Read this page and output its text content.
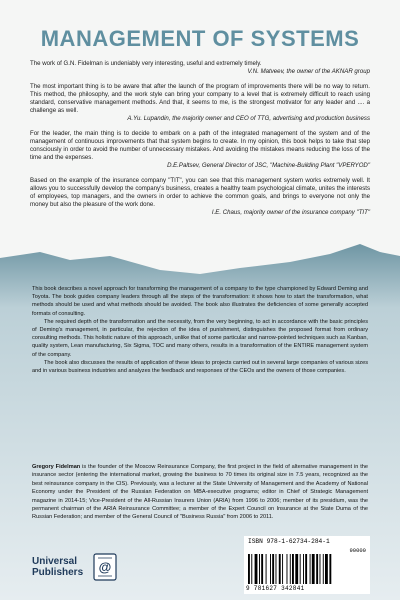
MANAGEMENT OF SYSTEMS

The work of G.N. Fidelman is undeniably very interesting, useful and extremely timely.

V.N. Matveev, the owner of the AKNAR group

The most important thing is to be aware that after the launch of the program of improvements there will be no way to return. This method, the philosophy, and the work style can bring your company to a level that is extremely difficult to reach using standard, conservative management methods. And that, it seems to me, is the strongest motivator for any leader and .... a challenge as well.

A.Yu. Lupandin, the majority owner and CEO of TTG, advertising and production business

For the leader, the main thing is to decide to embark on a path of the integrated management of the system and of the management of continuous improvements that that system begins to create. In my opinion, this book helps to take that step consciously in order to avoid the number of unnecessary mistakes. And avoiding the mistakes means reducing the loss of the time and the expenses.

D.E.Paltsev, General Director of JSC, "Machine-Building Plant "VPERYOD"

Based on the example of the insurance company "TIT", you can see that this management system works extremely well. It allows you to successfully develop the company's business, creates a healthy team psychological climate, unites the interests of employees, top managers, and the owners in order to achieve the common goals, and brings to everyone not only the money but also the pleasure of the work done.

I.E. Chaus, majority owner of the insurance company "TIT"

This book describes a novel approach for transforming the management of a company to the type championed by Edward Deming and Toyota. The book guides company leaders through all the steps of the transformation: it shows how to start the transformation, what methods should be used and what methods should be avoided. The book also illustrates the deficiencies of some generally accepted formats of consulting.

The required depth of the transformation and the necessity, from the very beginning, to act in accordance with the basic principles of Deming's management, in particular, the rejection of the idea of punishment, distinguishes the proposed format from ordinary consulting methods. This holistic nature of this approach, unlike that of some particular and narrow-pointed techniques such as Kanban, quality system, Lean manufacturing, Six Sigma, TOC and many others, results in a transformation of the ENTIRE management system of the company.

The book also discusses the results of application of these ideas to projects carried out in several large companies of various sizes and in various business industries and analyzes the feedback and responses of the CEOs and the owners of those companies.

Gregory Fidelman is the founder of the Moscow Reinsurance Company, the first project in the field of alternative management in the insurance sector (entering the international market, growing the business to 70 times its original size in 7.5 years, recognized as the best reinsurance company in the CIS). Previously, was a lecturer at the State University of Management and the Academy of National Economy under the President of the Russian Federation on MBA-executive programs; editor in Chief of Strategic Management magazine in 2014-15; Vice-President of the All-Russian Insurers Union (ARIA) from 1996 to 2006; member of its presidium, was the permanent chairman of the ARIA Reinsurance Committee; a member of the Expert Council on Insurance at the State Duma of the Russian Federation; and member of the General Council of "Business Russia" from 2006 to 2011.
ISBN 978-1-62734-284-1
90000
9 781627 342841
Universal
Publishers @
